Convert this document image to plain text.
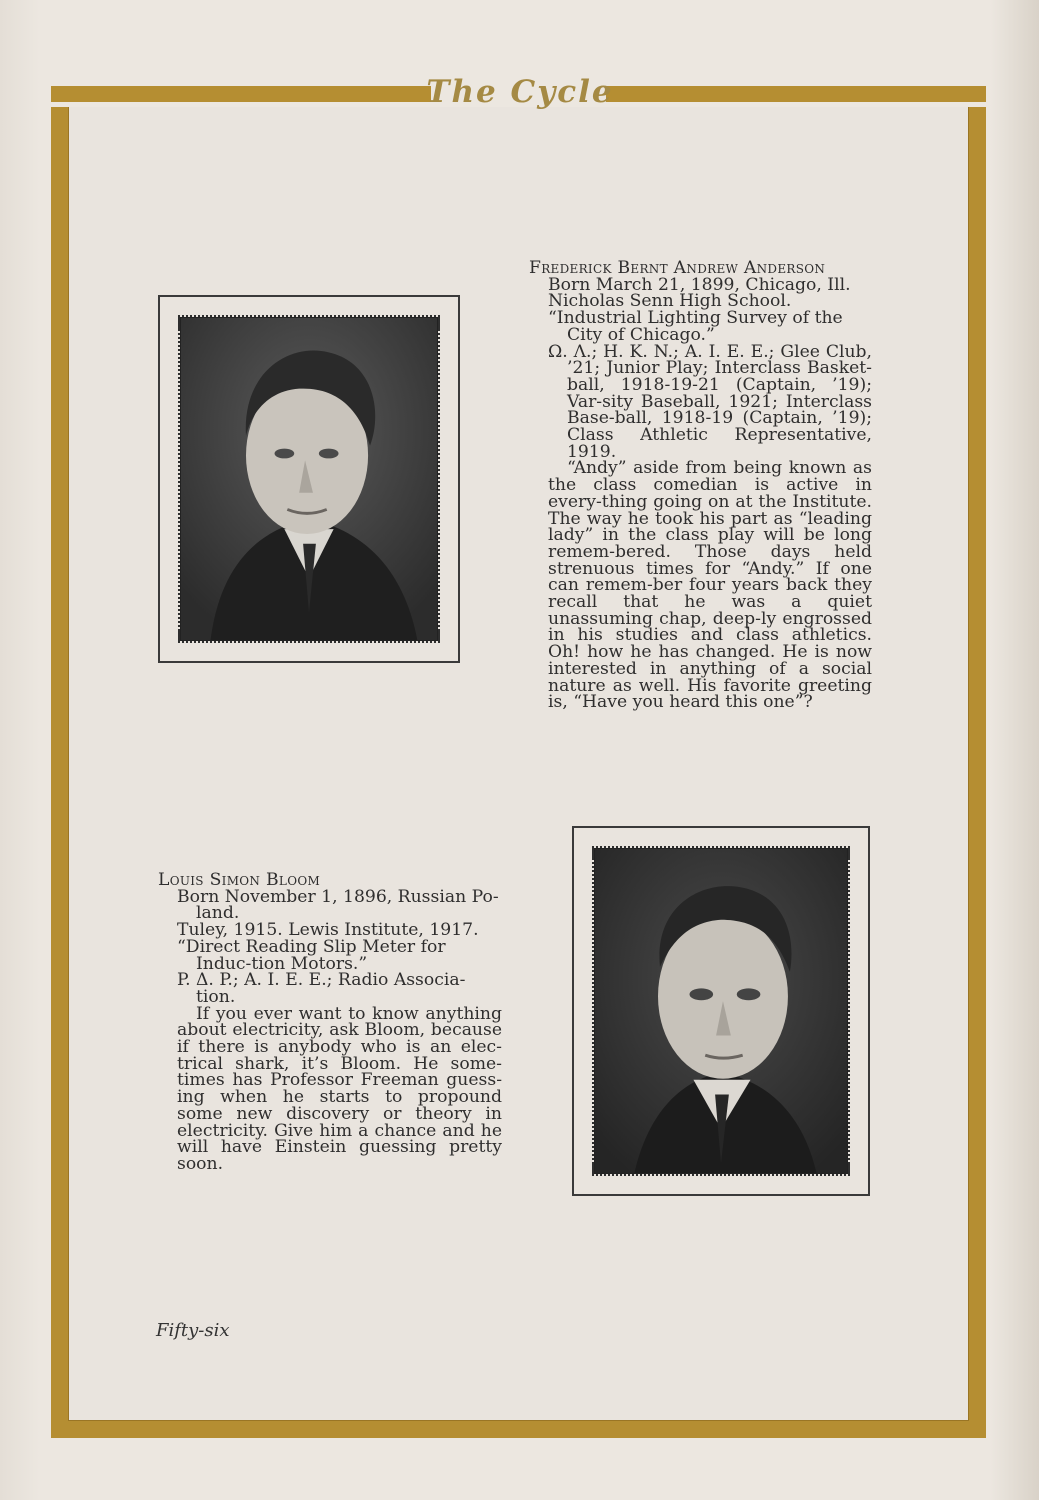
The Cycle

Frederick Bernt Andrew Anderson

Born March 21, 1899, Chicago, Ill.

Nicholas Senn High School.

“Industrial Lighting Survey of the City of Chicago.”

Ω. Λ.; H. K. N.; A. I. E. E.; Glee Club, ’21; Junior Play; Interclass Basket-ball, 1918-19-21 (Captain, ’19); Var-sity Baseball, 1921; Interclass Base-ball, 1918-19 (Captain, ’19); Class Athletic Representative, 1919.

“Andy” aside from being known as the class comedian is active in every-thing going on at the Institute. The way he took his part as “leading lady” in the class play will be long remem-bered. Those days held strenuous times for “Andy.” If one can remem-ber four years back they recall that he was a quiet unassuming chap, deep-ly engrossed in his studies and class athletics. Oh! how he has changed. He is now interested in anything of a social nature as well. His favorite greeting is, “Have you heard this one”?

Louis Simon Bloom

Born November 1, 1896, Russian Po-land.

Tuley, 1915. Lewis Institute, 1917.

“Direct Reading Slip Meter for Induc-tion Motors.”

P. Δ. P.; A. I. E. E.; Radio Associa-tion.

If you ever want to know anything about electricity, ask Bloom, because if there is anybody who is an elec-trical shark, it’s Bloom. He some-times has Professor Freeman guess-ing when he starts to propound some new discovery or theory in electricity. Give him a chance and he will have Einstein guessing pretty soon.

Fifty-six
